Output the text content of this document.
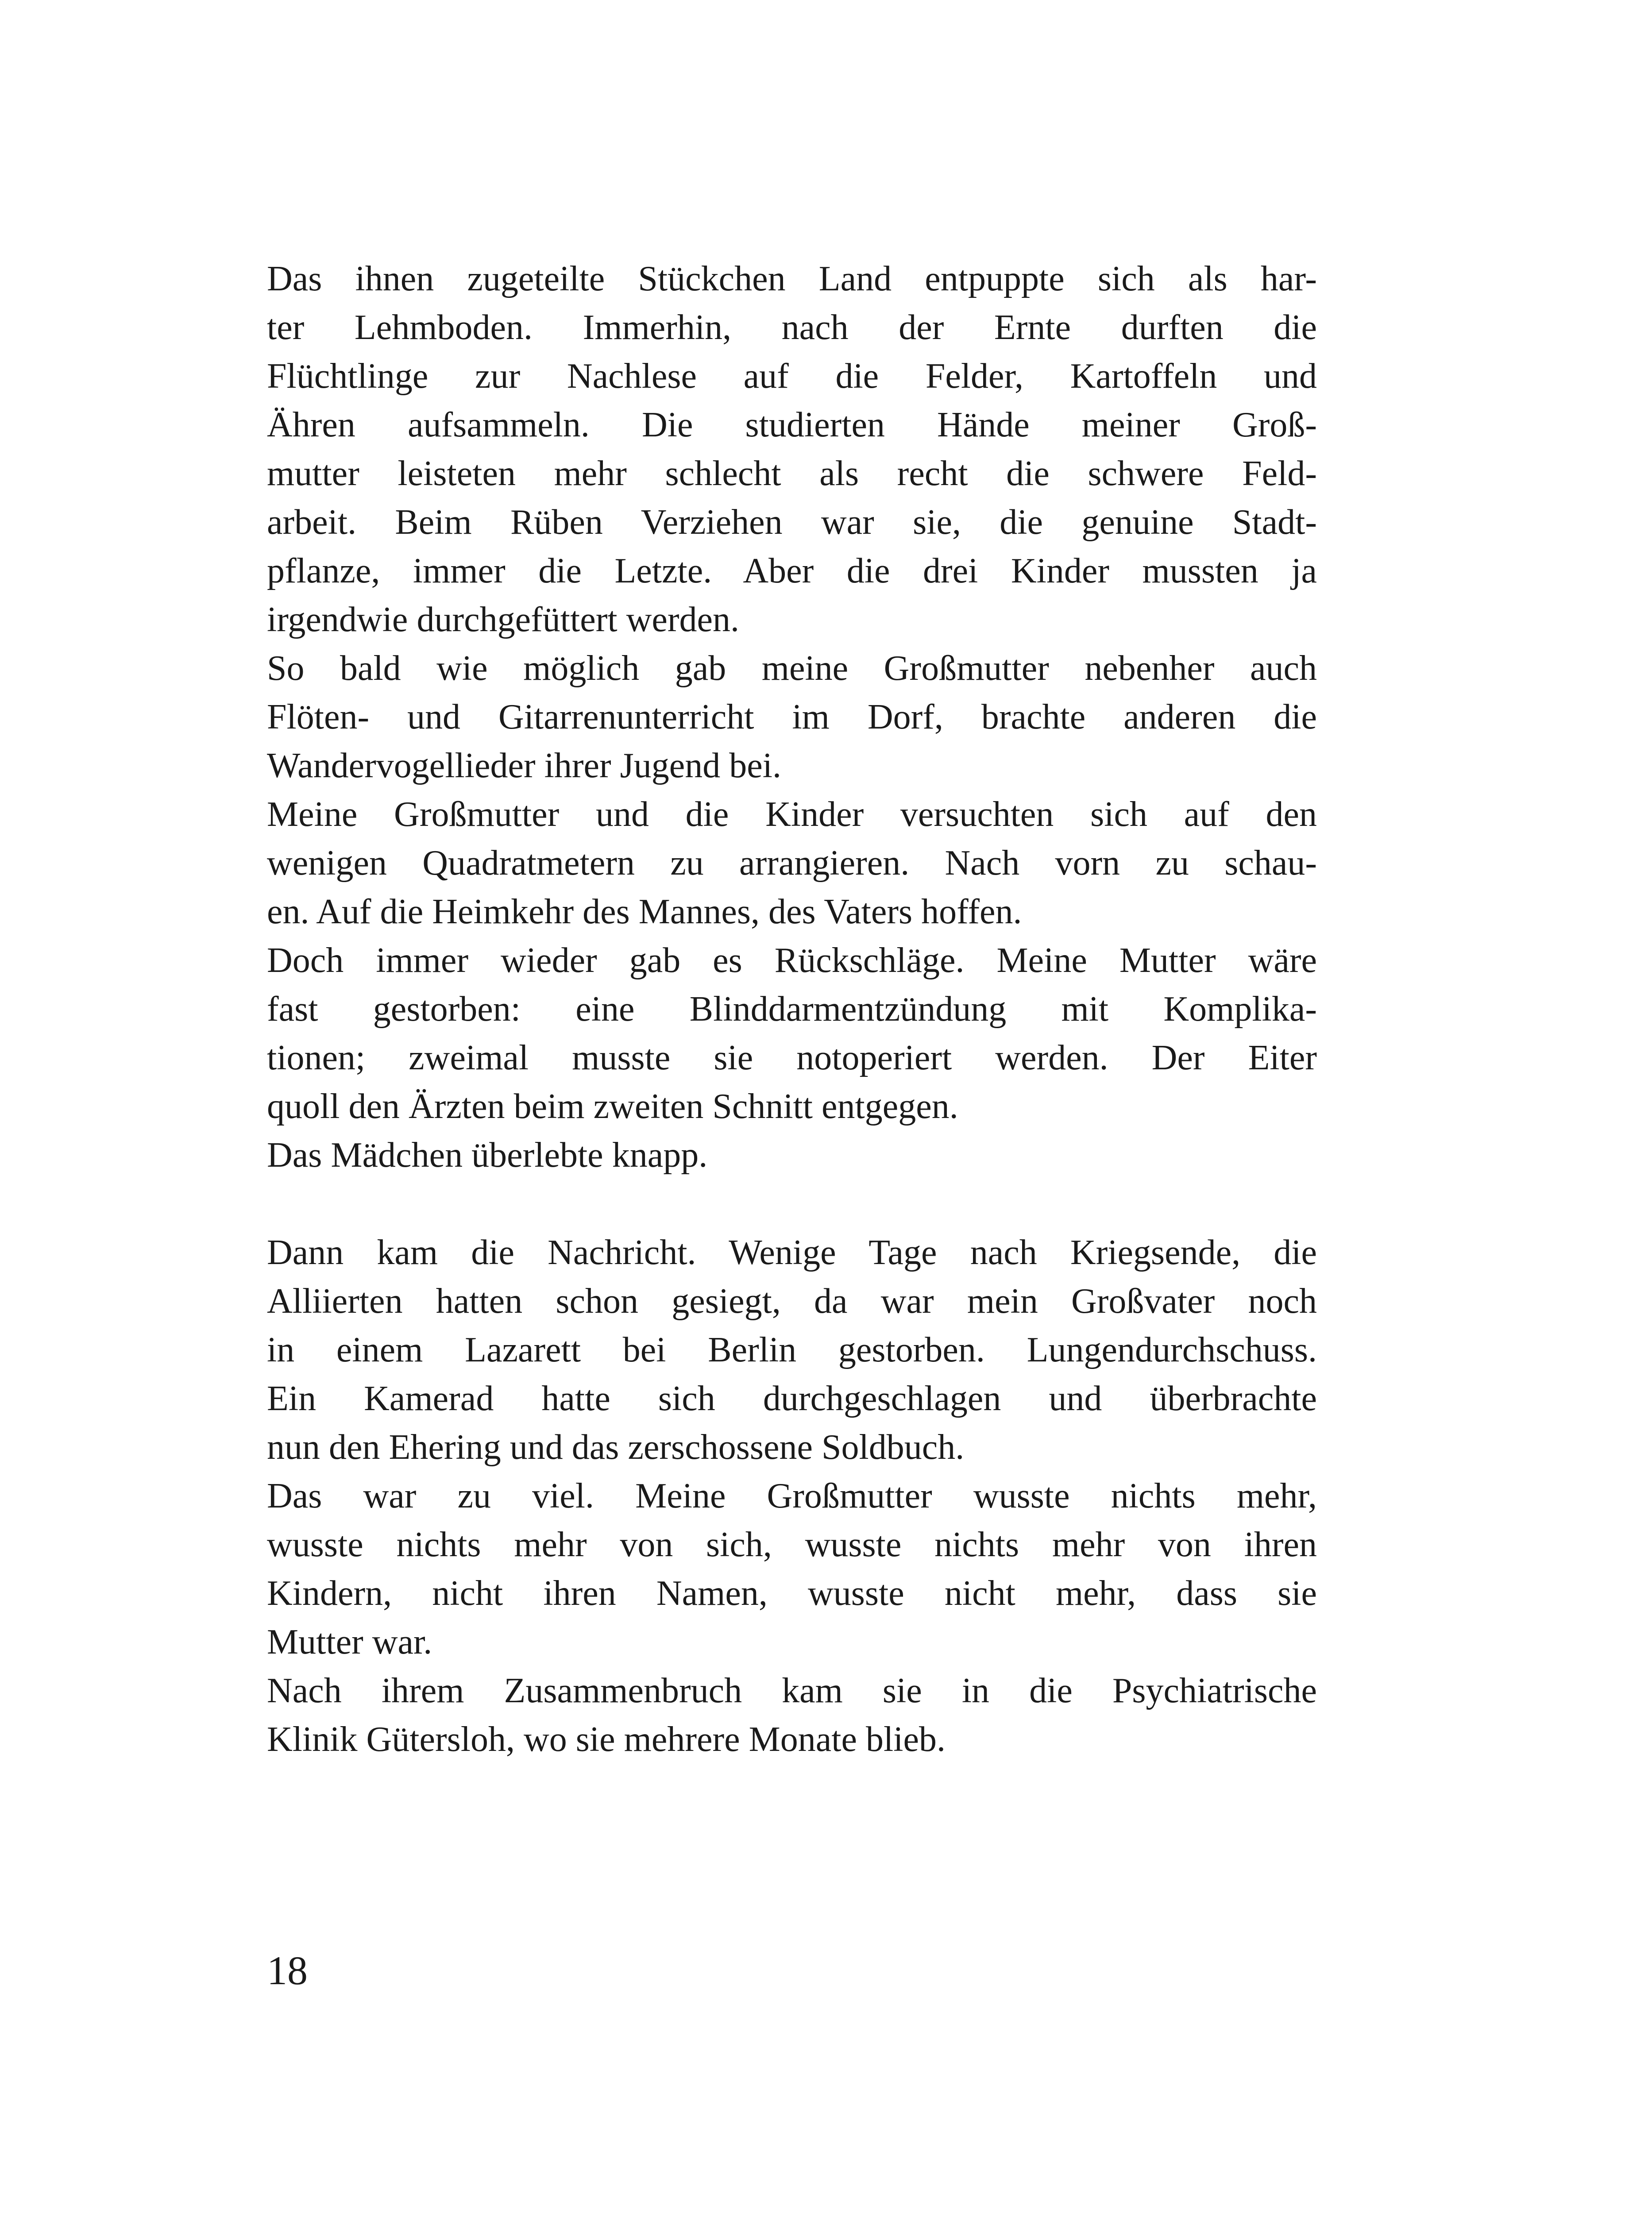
Das ihnen zugeteilte Stückchen Land entpuppte sich als har-
ter Lehmboden. Immerhin, nach der Ernte durften die
Flüchtlinge zur Nachlese auf die Felder, Kartoffeln und
Ähren aufsammeln. Die studierten Hände meiner Groß-
mutter leisteten mehr schlecht als recht die schwere Feld-
arbeit. Beim Rüben Verziehen war sie, die genuine Stadt-
pflanze, immer die Letzte. Aber die drei Kinder mussten ja
irgendwie durchgefüttert werden.
So bald wie möglich gab meine Großmutter nebenher auch
Flöten- und Gitarrenunterricht im Dorf, brachte anderen die
Wandervogellieder ihrer Jugend bei.
Meine Großmutter und die Kinder versuchten sich auf den
wenigen Quadratmetern zu arrangieren. Nach vorn zu schau-
en. Auf die Heimkehr des Mannes, des Vaters hoffen.
Doch immer wieder gab es Rückschläge. Meine Mutter wäre
fast gestorben: eine Blinddarmentzündung mit Komplika-
tionen; zweimal musste sie notoperiert werden. Der Eiter
quoll den Ärzten beim zweiten Schnitt entgegen.
Das Mädchen überlebte knapp.
Dann kam die Nachricht. Wenige Tage nach Kriegsende, die
Alliierten hatten schon gesiegt, da war mein Großvater noch
in einem Lazarett bei Berlin gestorben. Lungendurchschuss.
Ein Kamerad hatte sich durchgeschlagen und überbrachte
nun den Ehering und das zerschossene Soldbuch.
Das war zu viel. Meine Großmutter wusste nichts mehr,
wusste nichts mehr von sich, wusste nichts mehr von ihren
Kindern, nicht ihren Namen, wusste nicht mehr, dass sie
Mutter war.
Nach ihrem Zusammenbruch kam sie in die Psychiatrische
Klinik Gütersloh, wo sie mehrere Monate blieb.
18
